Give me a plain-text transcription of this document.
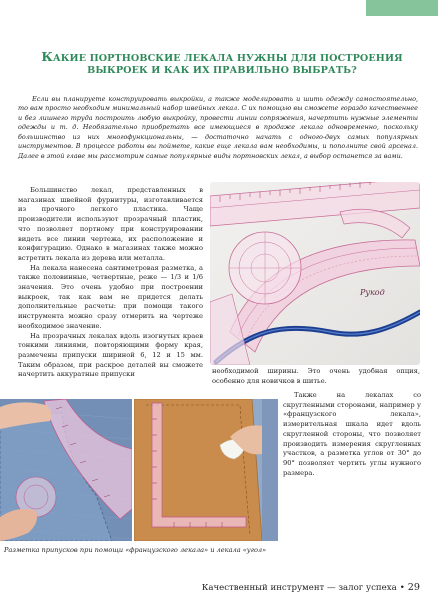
КАКИЕ ПОРТНОВСКИЕ ЛЕКАЛА НУЖНЫ ДЛЯ ПОСТРОЕНИЯ ВЫКРОЕК И КАК ИХ ПРАВИЛЬНО ВЫБРАТЬ?

Если вы планируете конструировать выкройки, а также моделировать и шить одежду самостоятельно, то вам просто необходим минимальный набор швейных лекал. С их помощью вы сможете гораздо качественнее и без лишнего труда построить любую выкройку, провести линии сопряжения, начертить нужные элементы одежды и т. д. Необязательно приобретать все имеющиеся в продаже лекала одновременно, поскольку большинство из них многофункциональны, — достаточно начать с одного-двух самых популярных инструментов. В процессе работы вы поймете, какие еще лекала вам необходимы, и пополните свой арсенал. Далее в этой главе мы рассмотрим самые популярные виды портновских лекал, а выбор останется за вами.

Большинство лекал, представленных в магазинах швейной фурнитуры, изготавливается из прочного легкого пластика. Чаще производители используют прозрачный пластик, что позволяет портному при конструировании видеть все линии чертежа, их расположение и конфигурацию. Однако в магазинах также можно встретить лекала из дерева или металла.

На лекала нанесена сантиметровая разметка, а также половинные, четвертные, реже — 1/3 и 1/6 значения. Это очень удобно при построении выкроек, так как вам не придется делать дополнительные расчеты: при помощи такого инструмента можно сразу отмерить на чертеже необходимое значение.

На прозрачных лекалах вдоль изогнутых краев тонкими линиями, повторяющими форму края, размечены припуски шириной 6, 12 и 15 мм. Таким образом, при раскрое деталей вы сможете начертить аккуратные припуски

Рукод

необходимой ширины. Это очень удобная опция, особенно для новичков в шитье.

Также на лекалах со скругленными сторонами, например у «французского лекала», измерительная шкала идет вдоль скругленной стороны, что позволяет производить измерения скругленных участков, а разметка углов от 30° до 90° позволяет чертить углы нужного размера.

Разметка припусков при помощи «французского лекала» и лекала «угол»

Качественный инструмент — залог успеха • 29
